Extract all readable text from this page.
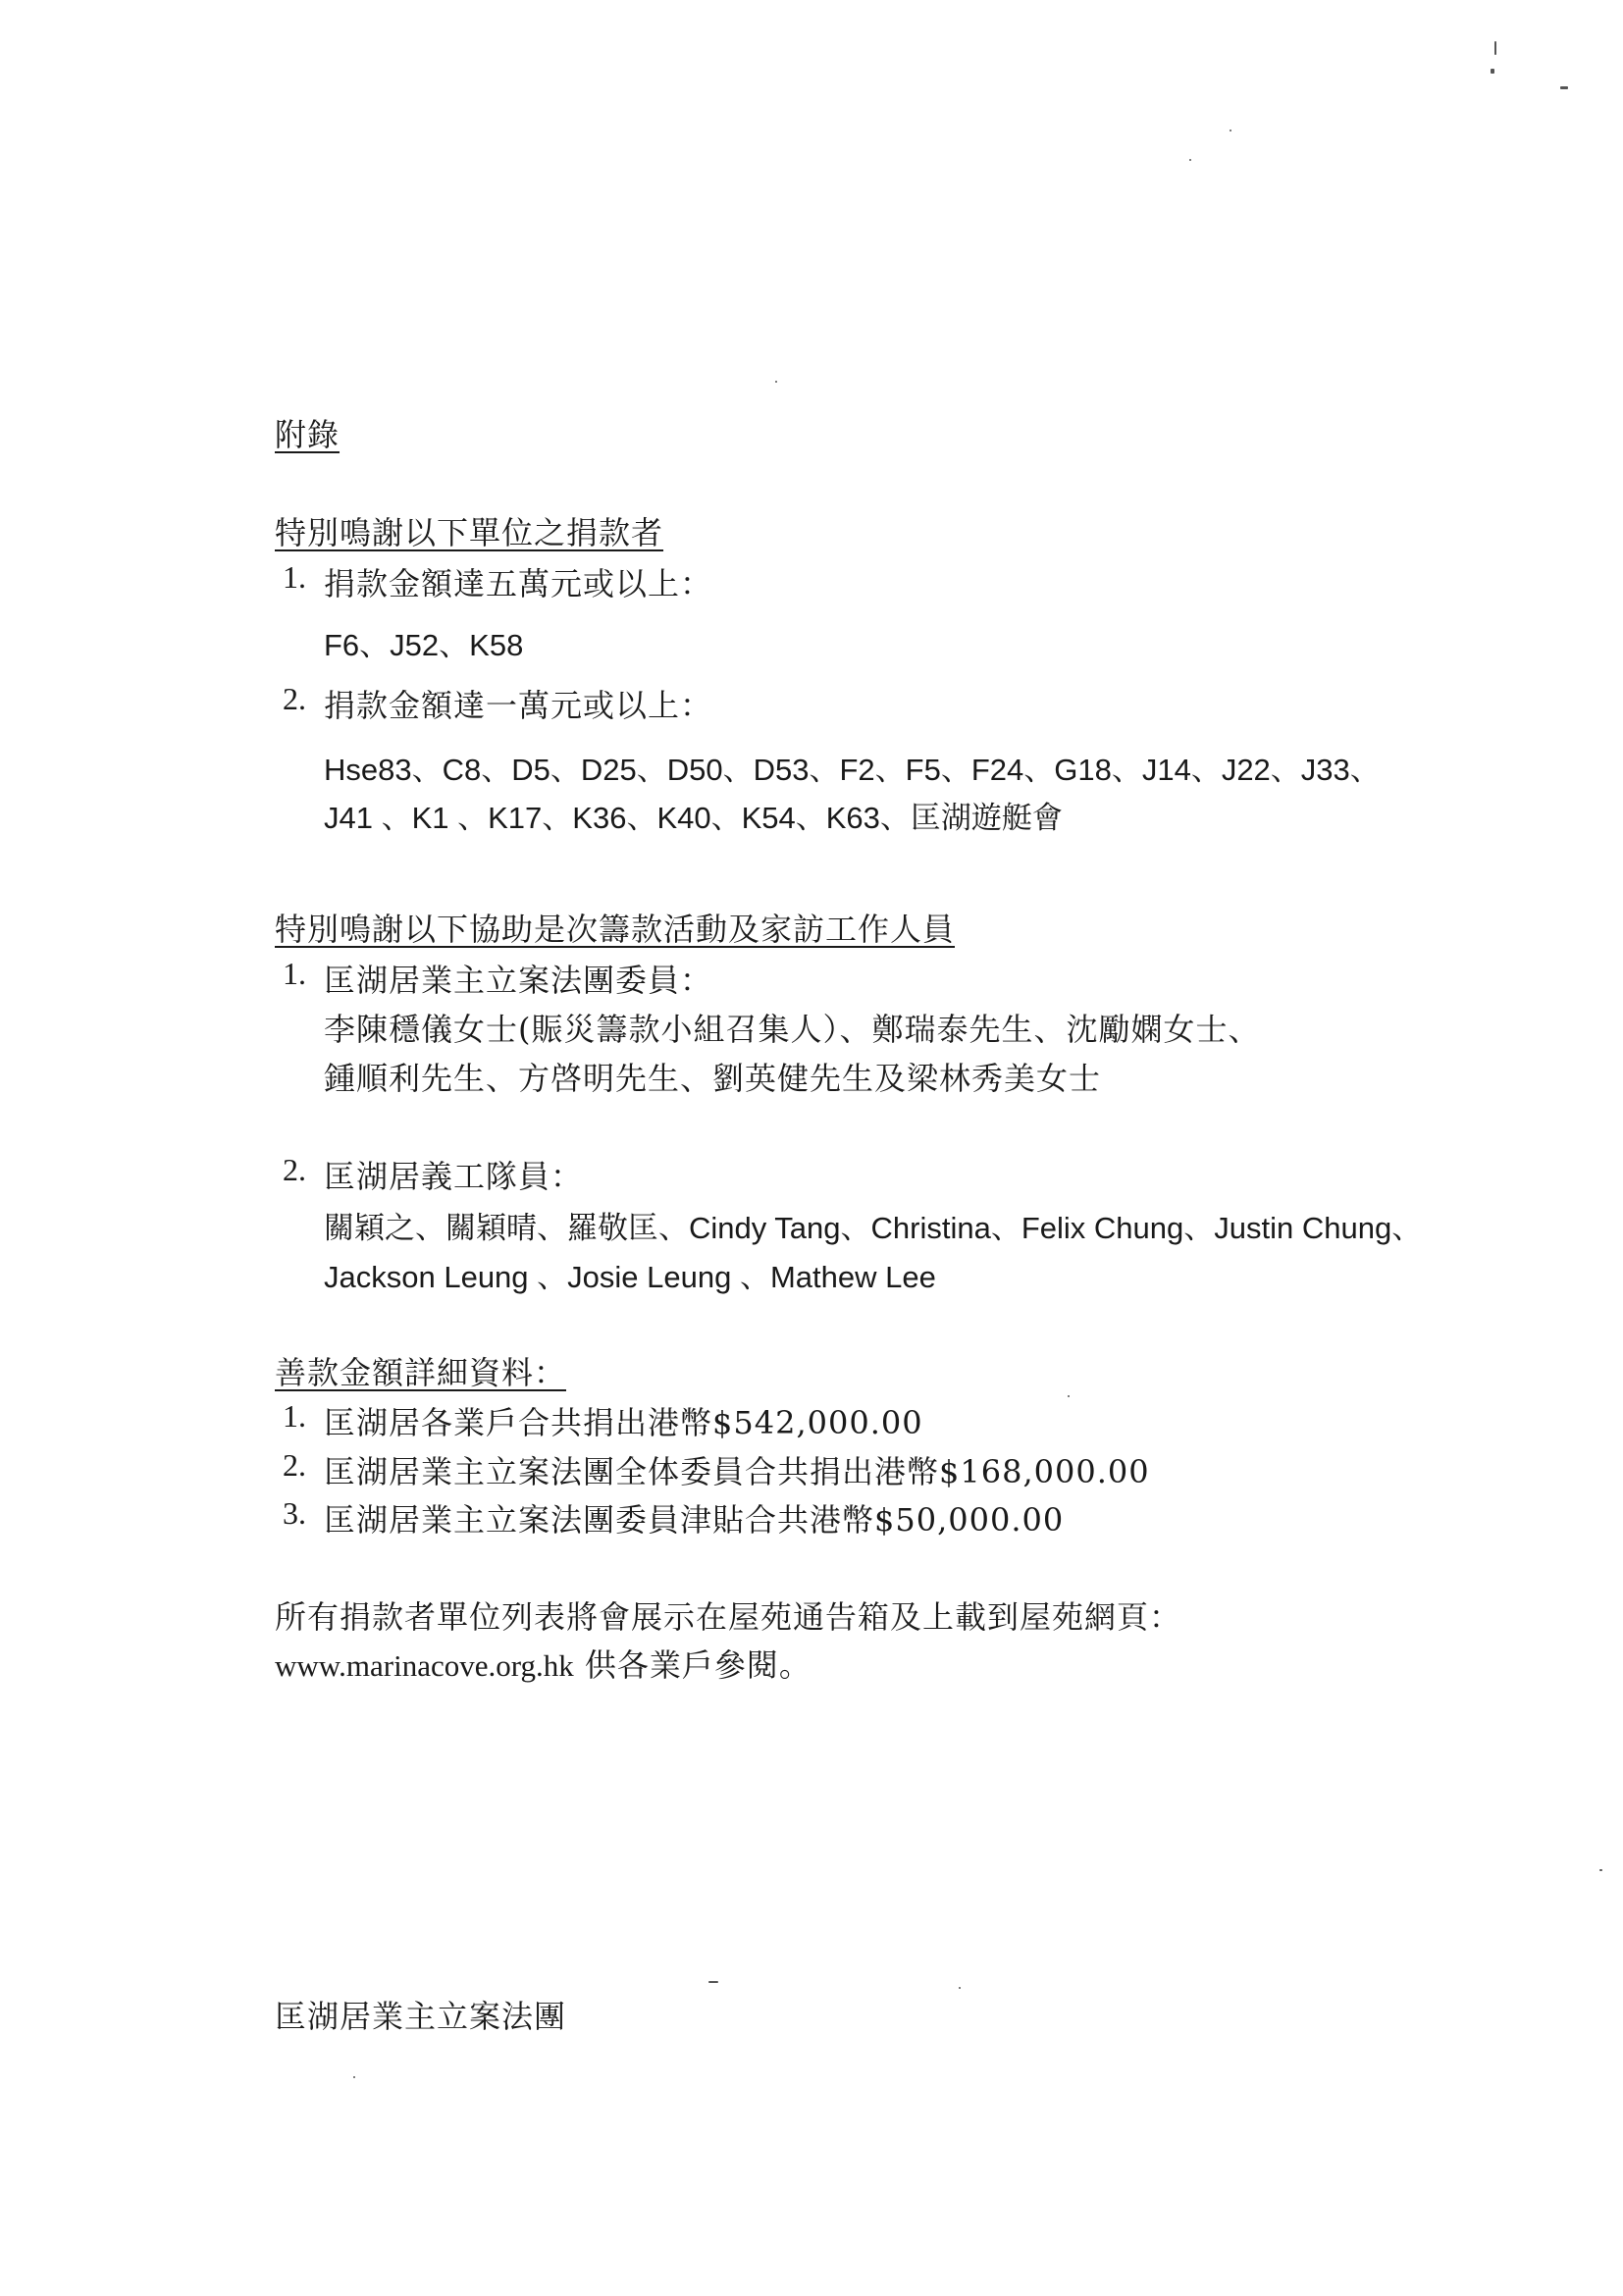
附錄
特別鳴謝以下單位之捐款者
1. 捐款金額達五萬元或以上：
F6、J52、K58
2. 捐款金額達一萬元或以上：
Hse83、C8、D5、D25、D50、D53、F2、F5、F24、G18、J14、J22、J33、
J41 、K1 、K17、K36、K40、K54、K63、匡湖遊艇會
特別鳴謝以下協助是次籌款活動及家訪工作人員
1. 匡湖居業主立案法團委員：
李陳穩儀女士(賑災籌款小組召集人）、鄭瑞泰先生、沈勵嫻女士、
鍾順利先生、方啓明先生、劉英健先生及梁林秀美女士
2. 匡湖居義工隊員：
關穎之、關穎晴、羅敬匡、Cindy Tang、Christina、Felix Chung、Justin Chung、
Jackson Leung 、Josie Leung 、Mathew Lee
善款金額詳細資料：
1. 匡湖居各業戶合共捐出港幣$542,000.00
2. 匡湖居業主立案法團全体委員合共捐出港幣$168,000.00
3. 匡湖居業主立案法團委員津貼合共港幣$50,000.00
所有捐款者單位列表將會展示在屋苑通告箱及上載到屋苑網頁：
www.marinacove.org.hk 供各業戶參閱。
匡湖居業主立案法團
